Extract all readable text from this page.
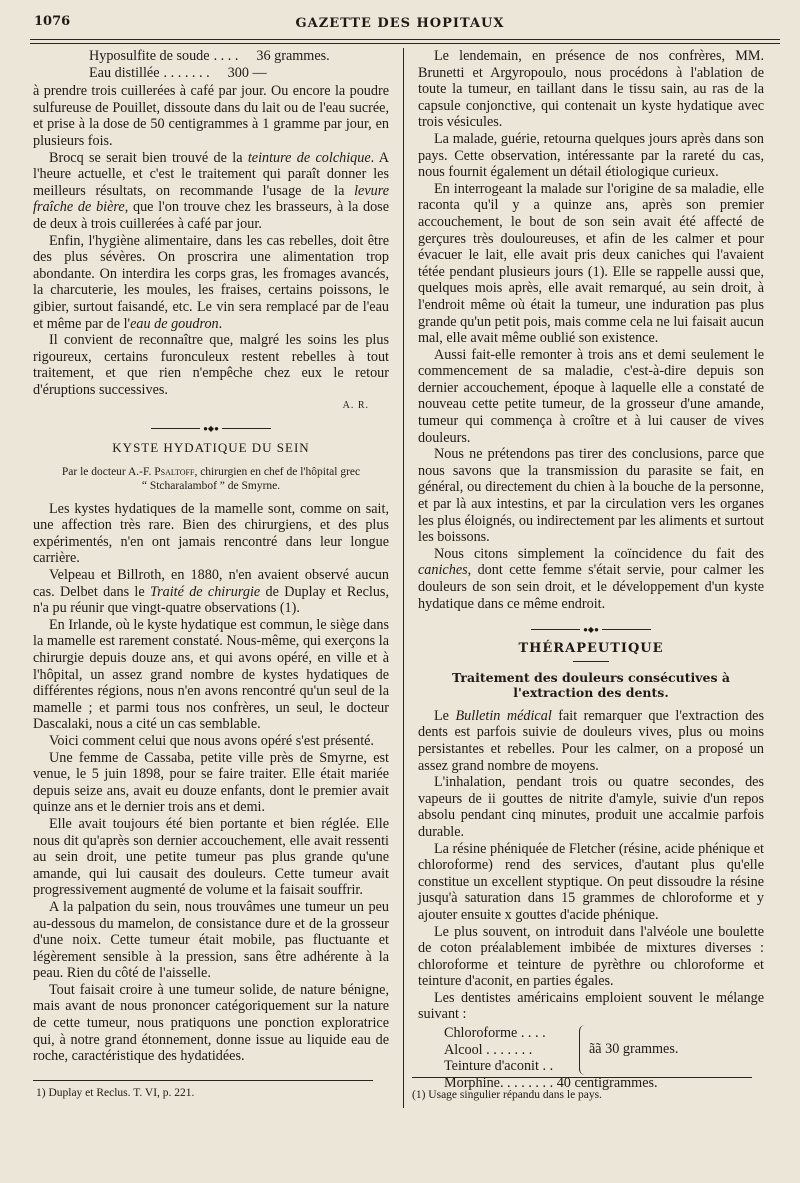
1076	GAZETTE DES HOPITAUX
Hyposulfite de soude . . . . 36 grammes.
Eau distillée . . . . . . . 300 —

à prendre trois cuillerées à café par jour. Ou encore la poudre sulfureuse de Pouillet, dissoute dans du lait ou de l'eau sucrée, et prise à la dose de 50 centigrammes à 1 gramme par jour, en plusieurs fois.

Brocq se serait bien trouvé de la teinture de colchique. A l'heure actuelle, et c'est le traitement qui paraît donner les meilleurs résultats, on recommande l'usage de la levure fraîche de bière, que l'on trouve chez les brasseurs, à la dose de deux à trois cuillerées à café par jour.

Enfin, l'hygiène alimentaire, dans les cas rebelles, doit être des plus sévères. On proscrira une alimentation trop abondante. On interdira les corps gras, les fromages avancés, la charcuterie, les moules, les fraises, certains poissons, le gibier, surtout faisandé, etc. Le vin sera remplacé par de l'eau et même par de l'eau de goudron.

Il convient de reconnaître que, malgré les soins les plus rigoureux, certains furonculeux restent rebelles à tout traitement, et que rien n'empêche chez eux le retour d'éruptions successives.

A. R.
●◆●
KYSTE HYDATIQUE DU SEIN
Par le docteur A.-F. Psaltoff, chirurgien en chef de l'hôpital grec
“ Stcharalambof ” de Smyrne.

Les kystes hydatiques de la mamelle sont, comme on sait, une affection très rare. Bien des chirurgiens, et des plus expérimentés, n'en ont jamais rencontré dans leur longue carrière.

Velpeau et Billroth, en 1880, n'en avaient observé aucun cas. Delbet dans le Traité de chirurgie de Duplay et Reclus, n'a pu réunir que vingt-quatre observations (1).

En Irlande, où le kyste hydatique est commun, le siège dans la mamelle est rarement constaté. Nous-même, qui exerçons la chirurgie depuis douze ans, et qui avons opéré, en ville et à l'hôpital, un assez grand nombre de kystes hydatiques de différentes régions, nous n'en avons rencontré qu'un seul de la mamelle ; et parmi tous nos confrères, un seul, le docteur Dascalaki, nous a cité un cas semblable.

Voici comment celui que nous avons opéré s'est présenté.

Une femme de Cassaba, petite ville près de Smyrne, est venue, le 5 juin 1898, pour se faire traiter. Elle était mariée depuis seize ans, avait eu douze enfants, dont le premier avait quinze ans et le dernier trois ans et demi.

Elle avait toujours été bien portante et bien réglée. Elle nous dit qu'après son dernier accouchement, elle avait ressenti au sein droit, une petite tumeur pas plus grande qu'une amande, qui lui causait des douleurs. Cette tumeur avait progressivement augmenté de volume et la faisait souffrir.

A la palpation du sein, nous trouvâmes une tumeur un peu au-dessous du mamelon, de consistance dure et de la grosseur d'une noix. Cette tumeur était mobile, pas fluctuante et légèrement sensible à la pression, sans être adhérente à la peau. Rien du côté de l'aisselle.

Tout faisait croire à une tumeur solide, de nature bénigne, mais avant de nous prononcer catégoriquement sur la nature de cette tumeur, nous pratiquons une ponction exploratrice qui, à notre grand étonnement, donne issue au liquide eau de roche, caractéristique des hydatidées.

1) Duplay et Reclus. T. VI, p. 221.

Le lendemain, en présence de nos confrères, MM. Brunetti et Argyropoulo, nous procédons à l'ablation de toute la tumeur, en taillant dans le tissu sain, au ras de la capsule conjonctive, qui contenait un kyste hydatique avec trois vésicules.

La malade, guérie, retourna quelques jours après dans son pays. Cette observation, intéressante par la rareté du cas, nous fournit également un détail étiologique curieux.

En interrogeant la malade sur l'origine de sa maladie, elle raconta qu'il y a quinze ans, après son premier accouchement, le bout de son sein avait été affecté de gerçures très douloureuses, et afin de les calmer et pour évacuer le lait, elle avait pris deux caniches qui l'avaient tétée pendant plusieurs jours (1). Elle se rappelle aussi que, quelques mois après, elle avait remarqué, au sein droit, à l'endroit même où était la tumeur, une induration pas plus grande qu'un petit pois, mais comme cela ne lui faisait aucun mal, elle avait même oublié son existence.

Aussi fait-elle remonter à trois ans et demi seulement le commencement de sa maladie, c'est-à-dire depuis son dernier accouchement, époque à laquelle elle a constaté de nouveau cette petite tumeur, de la grosseur d'une amande, tumeur qui commença à croître et à lui causer de vives douleurs.

Nous ne prétendons pas tirer des conclusions, parce que nous savons que la transmission du parasite se fait, en général, ou directement du chien à la bouche de la personne, et par là aux intestins, et par la circulation vers les organes les plus éloignés, ou indirectement par les aliments et surtout les boissons.

Nous citons simplement la coïncidence du fait des caniches, dont cette femme s'était servie, pour calmer les douleurs de son sein droit, et le développement d'un kyste hydatique dans ce même endroit.

●◆●
THÉRAPEUTIQUE
Traitement des douleurs consécutives à l'extraction des dents.

Le Bulletin médical fait remarquer que l'extraction des dents est parfois suivie de douleurs vives, plus ou moins persistantes et rebelles. Pour les calmer, on a proposé un assez grand nombre de moyens.

L'inhalation, pendant trois ou quatre secondes, des vapeurs de ii gouttes de nitrite d'amyle, suivie d'un repos absolu pendant cinq minutes, produit une accalmie parfois durable.

La résine phéniquée de Fletcher (résine, acide phénique et chloroforme) rend des services, d'autant plus qu'elle constitue un excellent styptique. On peut dissoudre la résine jusqu'à saturation dans 15 grammes de chloroforme et y ajouter ensuite x gouttes d'acide phénique.

Le plus souvent, on introduit dans l'alvéole une boulette de coton préalablement imbibée de mixtures diverses : chloroforme et teinture de pyrèthre ou chloroforme et teinture d'aconit, en parties égales.

Les dentistes américains emploient souvent le mélange suivant :

Chloroforme . . . .
Alcool . . . . . . .
Teinture d'aconit . .
ãã 30 grammes.
Morphine. . . . . . . . 40 centigrammes.
(1) Usage singulier répandu dans le pays.
